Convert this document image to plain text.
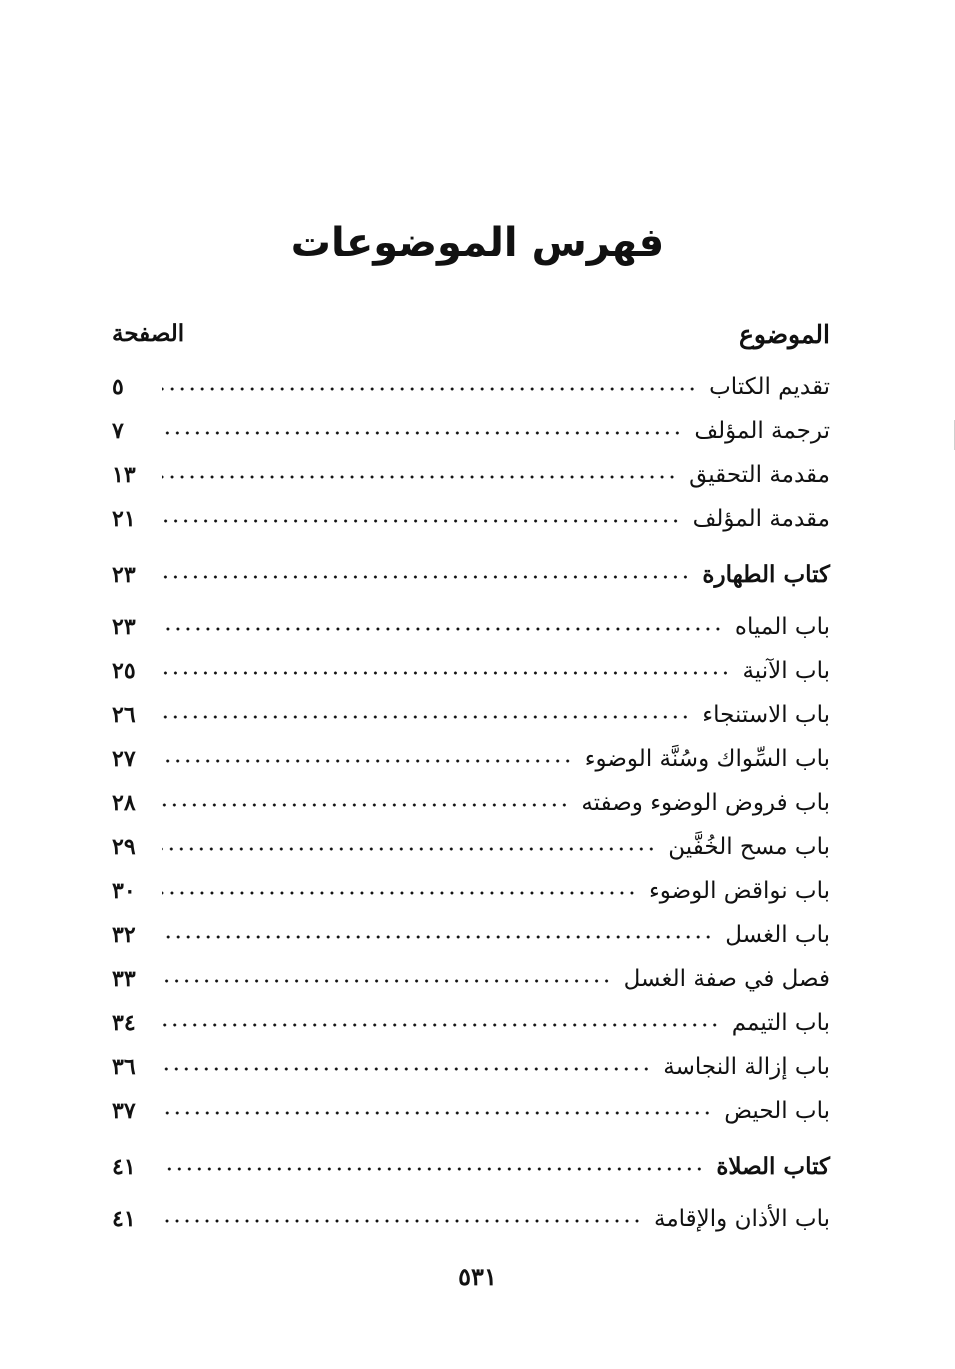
فهرس الموضوعات
الموضوع
الصفحة
تقديم الكتاب
٥
ترجمة المؤلف
٧
مقدمة التحقيق
١٣
مقدمة المؤلف
٢١
كتاب الطهارة
٢٣
باب المياه
٢٣
باب الآنية
٢٥
باب الاستنجاء
٢٦
باب السِّواك وسُنَّة الوضوء
٢٧
باب فروض الوضوء وصفته
٢٨
باب مسح الخُفَّين
٢٩
باب نواقض الوضوء
٣٠
باب الغسل
٣٢
فصل في صفة الغسل
٣٣
باب التيمم
٣٤
باب إزالة النجاسة
٣٦
باب الحيض
٣٧
كتاب الصلاة
٤١
باب الأذان والإقامة
٤١
٥٣١
